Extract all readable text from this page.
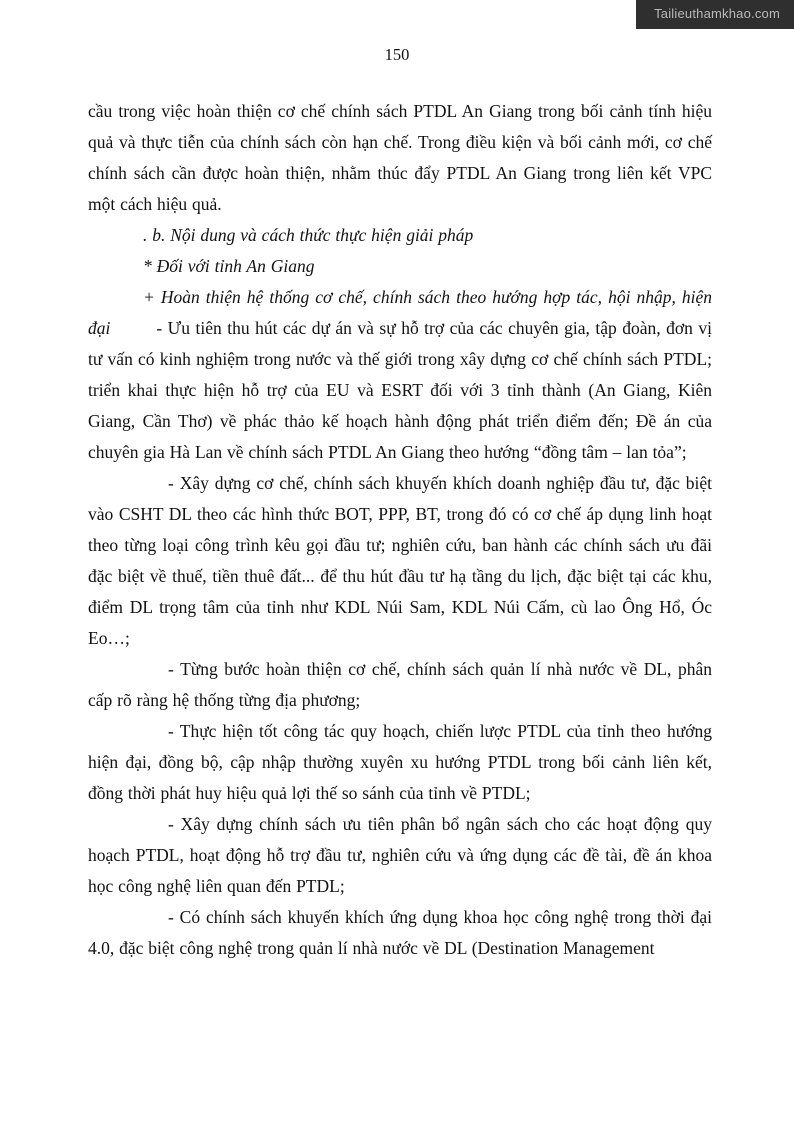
Tailieuthamkhao.com
150

cầu trong việc hoàn thiện cơ chế chính sách PTDL An Giang trong bối cảnh tính hiệu quả và thực tiễn của chính sách còn hạn chế. Trong điều kiện và bối cảnh mới, cơ chế chính sách cần được hoàn thiện, nhằm thúc đẩy PTDL An Giang trong liên kết VPC một cách hiệu quả.

. b. Nội dung và cách thức thực hiện giải pháp

* Đối với tỉnh An Giang

+ Hoàn thiện hệ thống cơ chế, chính sách theo hướng hợp tác, hội nhập, hiện đại	- Ưu tiên thu hút các dự án và sự hỗ trợ của các chuyên gia, tập đoàn, đơn vị tư vấn có kinh nghiệm trong nước và thế giới trong xây dựng cơ chế chính sách PTDL; triển khai thực hiện hỗ trợ của EU và ESRT đối với 3 tỉnh thành (An Giang, Kiên Giang, Cần Thơ) về phác thảo kế hoạch hành động phát triển điểm đến; Đề án của chuyên gia Hà Lan về chính sách PTDL An Giang theo hướng “đồng tâm – lan tỏa”;

- Xây dựng cơ chế, chính sách khuyến khích doanh nghiệp đầu tư, đặc biệt vào CSHT DL theo các hình thức BOT, PPP, BT, trong đó có cơ chế áp dụng linh hoạt theo từng loại công trình kêu gọi đầu tư; nghiên cứu, ban hành các chính sách ưu đãi đặc biệt về thuế, tiền thuê đất... để thu hút đầu tư hạ tầng du lịch, đặc biệt tại các khu, điểm DL trọng tâm của tỉnh như KDL Núi Sam, KDL Núi Cấm, cù lao Ông Hổ, Óc Eo…;

- Từng bước hoàn thiện cơ chế, chính sách quản lí nhà nước về DL, phân cấp rõ ràng hệ thống từng địa phương;

- Thực hiện tốt công tác quy hoạch, chiến lược PTDL của tỉnh theo hướng hiện đại, đồng bộ, cập nhập thường xuyên xu hướng PTDL trong bối cảnh liên kết, đồng thời phát huy hiệu quả lợi thế so sánh của tỉnh về PTDL;

- Xây dựng chính sách ưu tiên phân bổ ngân sách cho các hoạt động quy hoạch PTDL, hoạt động hỗ trợ đầu tư, nghiên cứu và ứng dụng các đề tài, đề án khoa học công nghệ liên quan đến PTDL;

- Có chính sách khuyến khích ứng dụng khoa học công nghệ trong thời đại 4.0, đặc biệt công nghệ trong quản lí nhà nước về DL (Destination Management
